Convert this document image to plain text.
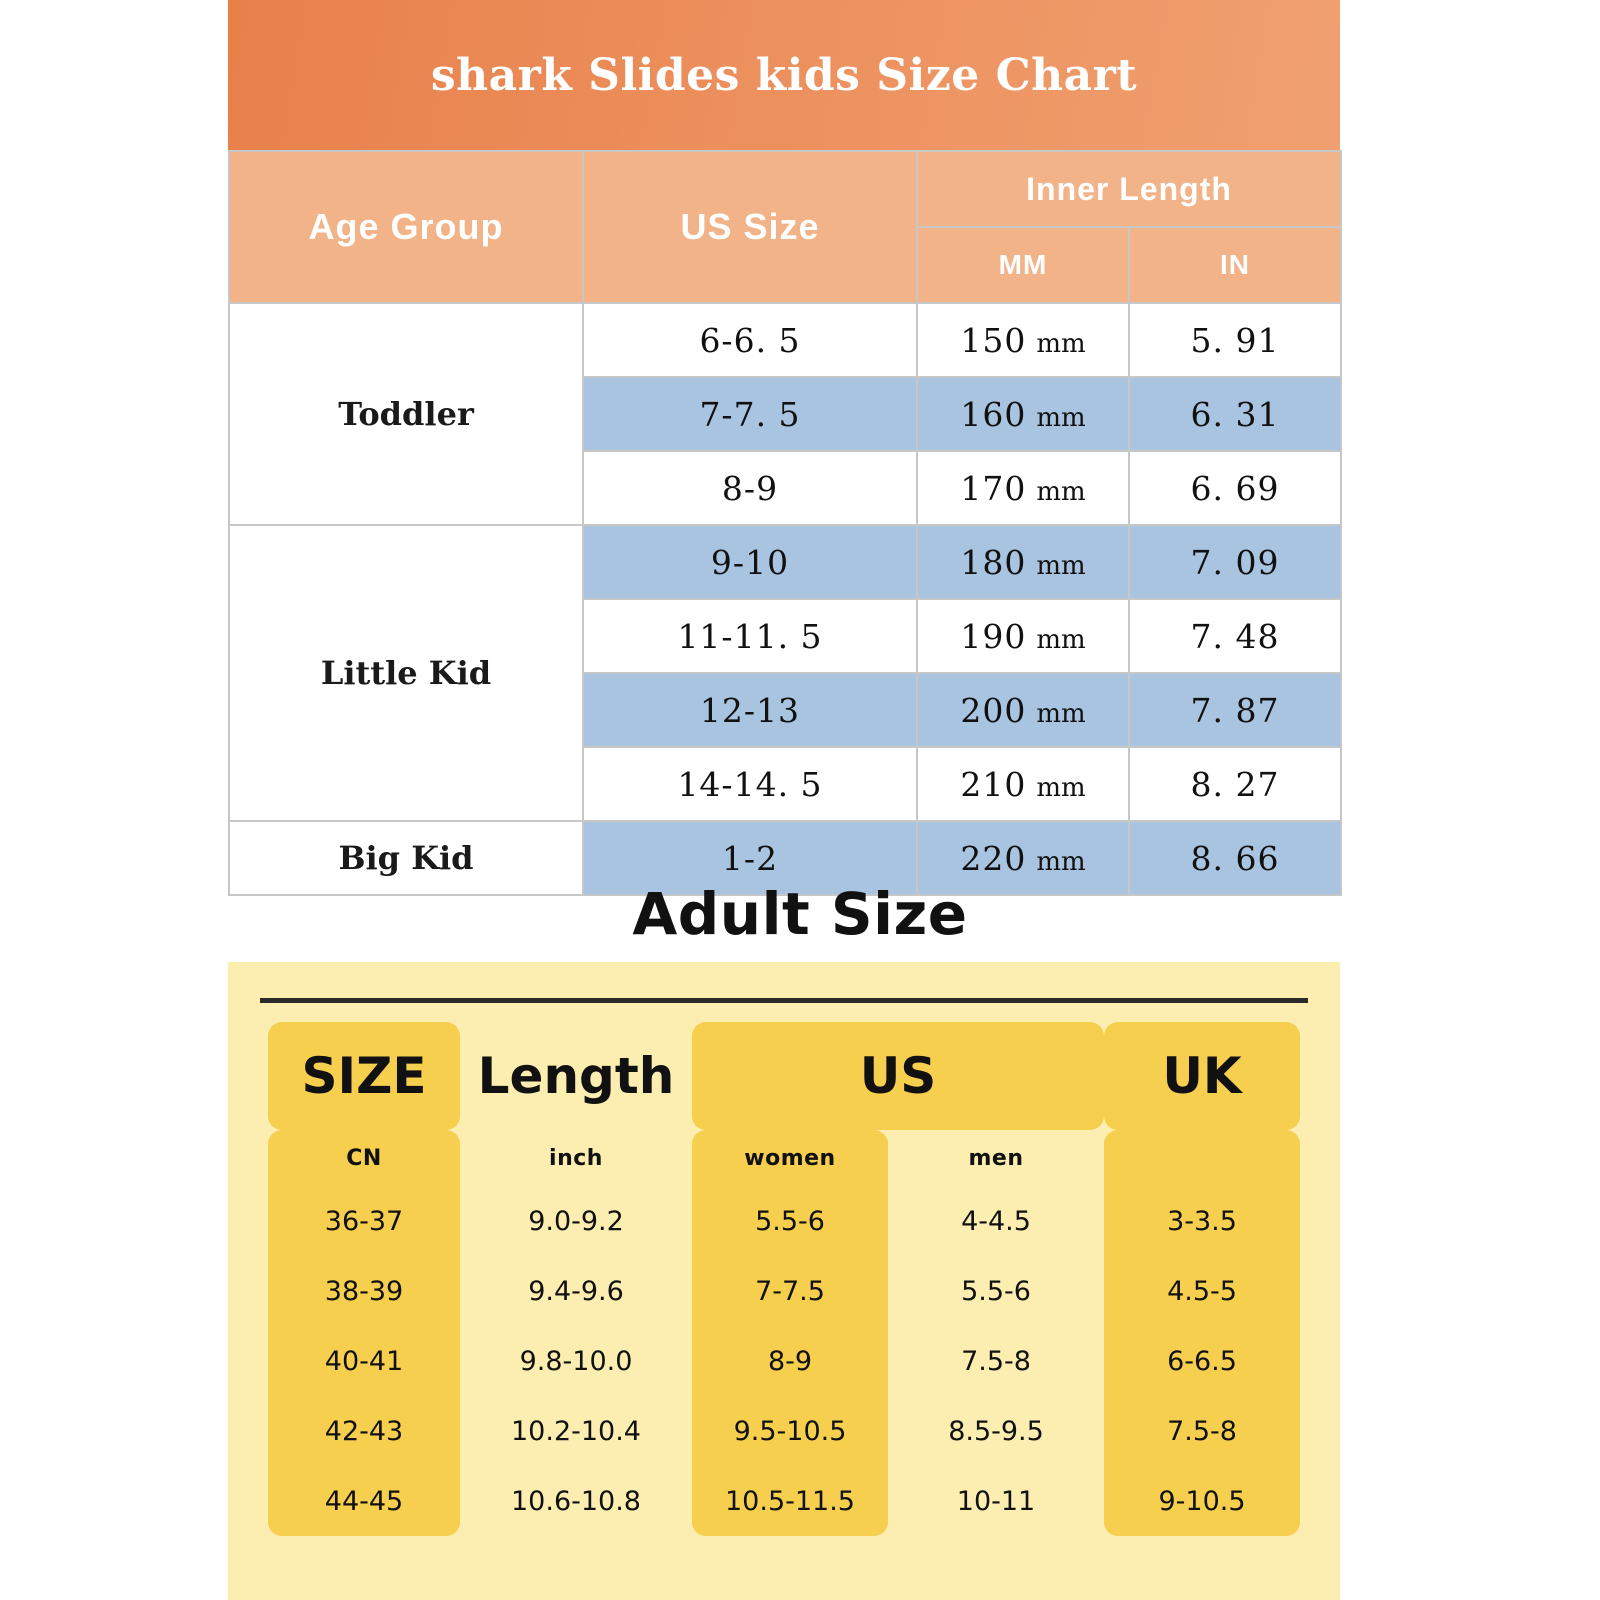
shark Slides kids Size Chart
Age Group	US Size	Inner Length	
		MM	IN
Toddler	6-6. 5	150 mm	5. 91
	7-7. 5	160 mm	6. 31
	8-9	170 mm	6. 69
Little Kid	9-10	180 mm	7. 09
	11-11. 5	190 mm	7. 48
	12-13	200 mm	7. 87
	14-14. 5	210 mm	8. 27
Big Kid	1-2	220 mm	8. 66
Adult Size
SIZE	Length	US	UK
CN	inch	women	men
36-37	9.0-9.2	5.5-6	4-4.5	3-3.5
38-39	9.4-9.6	7-7.5	5.5-6	4.5-5
40-41	9.8-10.0	8-9	7.5-8	6-6.5
42-43	10.2-10.4	9.5-10.5	8.5-9.5	7.5-8
44-45	10.6-10.8	10.5-11.5	10-11	9-10.5
